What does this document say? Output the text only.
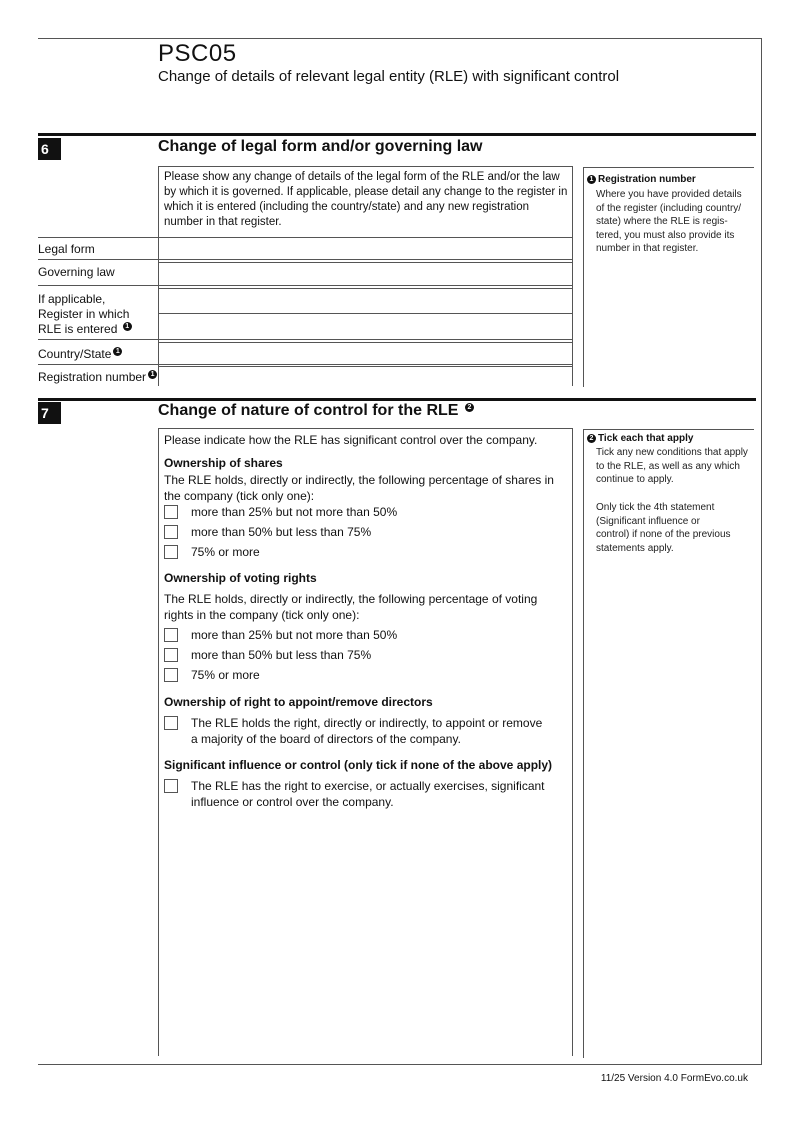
PSC05
Change of details of relevant legal entity (RLE) with significant control
6	Change of legal form and/or governing law
Please show any change of details of the legal form of the RLE and/or the law by which it is governed. If applicable, please detail any change to the register in which it is entered (including the country/state) and any new registration number in that register.
Legal form
Governing law
If applicable, Register in which RLE is entered 1
Country/State 1
Registration number 1
1 Registration number
Where you have provided details of the register (including country/ state) where the RLE is regis- tered, you must also provide its number in that register.
7	Change of nature of control for the RLE 2
Please indicate how the RLE has significant control over the company.
Ownership of shares
The RLE holds, directly or indirectly, the following percentage of shares in the company (tick only one):
more than 25% but not more than 50%
more than 50% but less than 75%
75% or more
Ownership of voting rights
The RLE holds, directly or indirectly, the following percentage of voting rights in the company (tick only one):
more than 25% but not more than 50%
more than 50% but less than 75%
75% or more
Ownership of right to appoint/remove directors
The RLE holds the right, directly or indirectly, to appoint or remove a majority of the board of directors of the company.
Significant influence or control (only tick if none of the above apply)
The RLE has the right to exercise, or actually exercises, significant influence or control over the company.
2 Tick each that apply
Tick any new conditions that apply to the RLE, as well as any which continue to apply.
Only tick the 4th statement (Significant influence or control) if none of the previous statements apply.
11/25 Version 4.0 FormEvo.co.uk
